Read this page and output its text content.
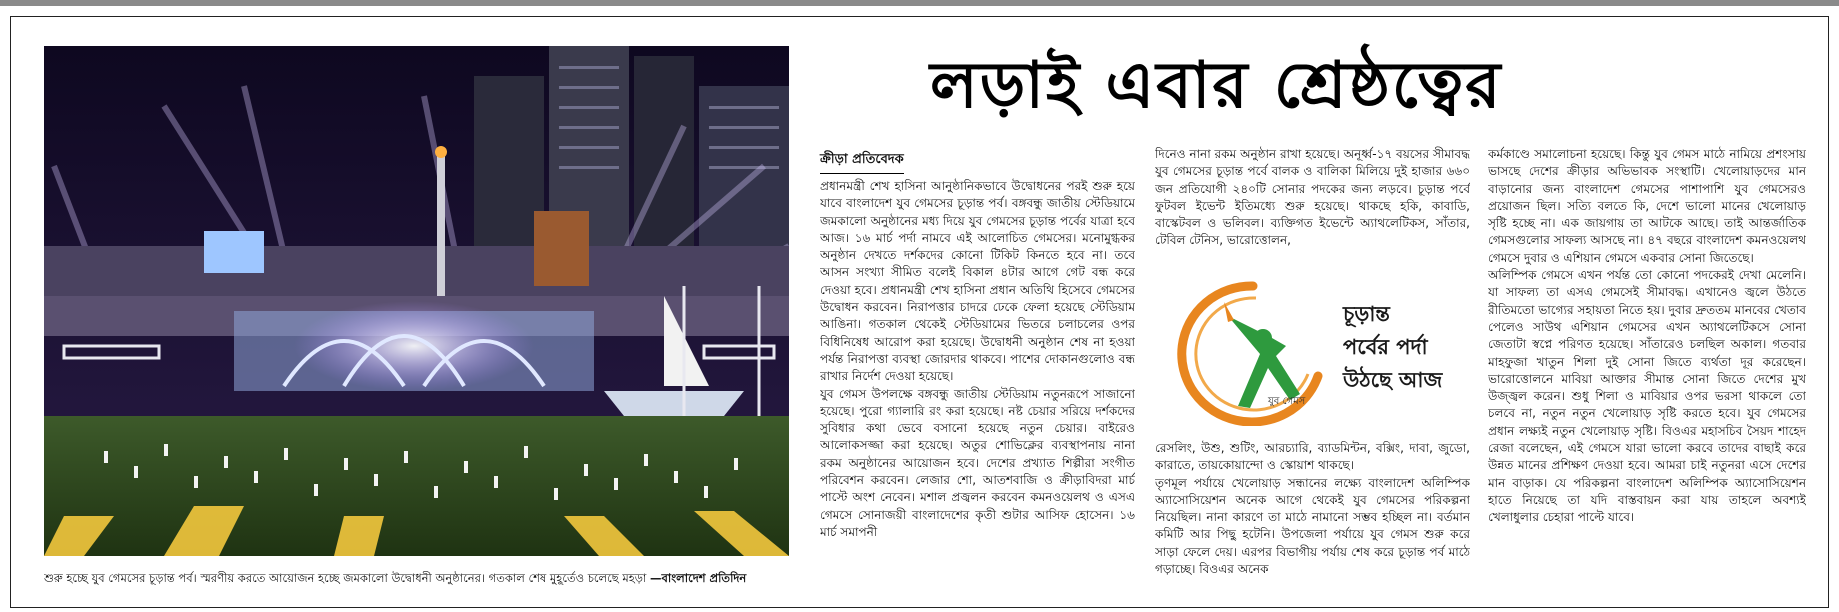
শুরু হচ্ছে যুব গেমসের চূড়ান্ত পর্ব। স্মরণীয় করতে আয়োজন হচ্ছে জমকালো উদ্বোধনী অনুষ্ঠানের। গতকাল শেষ মুহূর্তেও চলেছে মহড়া —বাংলাদেশ প্রতিদিন
লড়াই এবার শ্রেষ্ঠত্বের
ক্রীড়া প্রতিবেদক

প্রধানমন্ত্রী শেখ হাসিনা আনুষ্ঠানিকভাবে উদ্বোধনের পরই শুরু হয়ে যাবে বাংলাদেশ যুব গেমসের চূড়ান্ত পর্ব। বঙ্গবন্ধু জাতীয় স্টেডিয়ামে জমকালো অনুষ্ঠানের মধ্য দিয়ে যুব গেমসের চূড়ান্ত পর্বের যাত্রা হবে আজ। ১৬ মার্চ পর্দা নামবে এই আলোচিত গেমসের। মনোমুগ্ধকর অনুষ্ঠান দেখতে দর্শকদের কোনো টিকিট কিনতে হবে না। তবে আসন সংখ্যা সীমিত বলেই বিকাল ৪টার আগে গেট বন্ধ করে দেওয়া হবে। প্রধানমন্ত্রী শেখ হাসিনা প্রধান অতিথি হিসেবে গেমসের উদ্বোধন করবেন। নিরাপত্তার চাদরে ঢেকে ফেলা হয়েছে স্টেডিয়াম আঙিনা। গতকাল থেকেই স্টেডিয়ামের ভিতরে চলাচলের ওপর বিধিনিষেধ আরোপ করা হয়েছে। উদ্বোধনী অনুষ্ঠান শেষ না হওয়া পর্যন্ত নিরাপত্তা ব্যবস্থা জোরদার থাকবে। পাশের দোকানগুলোও বন্ধ রাখার নির্দেশ দেওয়া হয়েছে।

যুব গেমস উপলক্ষে বঙ্গবন্ধু জাতীয় স্টেডিয়াম নতুনরূপে সাজানো হয়েছে। পুরো গ্যালারি রং করা হয়েছে। নষ্ট চেয়ার সরিয়ে দর্শকদের সুবিধার কথা ভেবে বসানো হয়েছে নতুন চেয়ার। বাইরেও আলোকসজ্জা করা হয়েছে। অতুর শোভিক্লের ব্যবস্থাপনায় নানা রকম অনুষ্ঠানের আয়োজন হবে। দেশের প্রখ্যাত শিল্পীরা সংগীত পরিবেশন করবেন। লেজার শো, আতশবাজি ও ক্রীড়াবিদরা মার্চ পাস্টে অংশ নেবেন। মশাল প্রজ্বলন করবেন কমনওয়েলথ ও এসএ গেমসে সোনাজয়ী বাংলাদেশের কৃতী শুটার আসিফ হোসেন। ১৬ মার্চ সমাপনী

দিনেও নানা রকম অনুষ্ঠান রাখা হয়েছে। অনূর্ধ্ব-১৭ বয়সের সীমাবদ্ধ যুব গেমসের চূড়ান্ত পর্বে বালক ও বালিকা মিলিয়ে দুই হাজার ৬৬০ জন প্রতিযোগী ২৪০টি সোনার পদকের জন্য লড়বে। চূড়ান্ত পর্বে ফুটবল ইভেন্ট ইতিমধ্যে শুরু হয়েছে। থাকছে হকি, কাবাডি, বাস্কেটবল ও ভলিবল। ব্যক্তিগত ইভেন্টে অ্যাথলেটিকস, সাঁতার, টেবিল টেনিস, ভারোত্তোলন,

যুব গেমস
চূড়ান্ত
পর্বের পর্দা
উঠছে আজ

রেসলিং, উশু, শুটিং, আরচ্যারি, ব্যাডমিন্টন, বক্সিং, দাবা, জুডো, কারাতে, তায়কোয়ান্দো ও স্কোয়াশ থাকছে।

তৃণমূল পর্যায়ে খেলোয়াড় সন্ধানের লক্ষ্যে বাংলাদেশ অলিম্পিক অ্যাসোসিয়েশন অনেক আগে থেকেই যুব গেমসের পরিকল্পনা নিয়েছিল। নানা কারণে তা মাঠে নামানো সম্ভব হচ্ছিল না। বর্তমান কমিটি আর পিছু হটেনি। উপজেলা পর্যায়ে যুব গেমস শুরু করে সাড়া ফেলে দেয়। এরপর বিভাগীয় পর্যায় শেষ করে চূড়ান্ত পর্ব মাঠে গড়াচ্ছে। বিওএর অনেক

কর্মকাণ্ডে সমালোচনা হয়েছে। কিন্তু যুব গেমস মাঠে নামিয়ে প্রশংসায় ভাসছে দেশের ক্রীড়ার অভিভাবক সংস্থাটি। খেলোয়াড়দের মান বাড়ানোর জন্য বাংলাদেশ গেমসের পাশাপাশি যুব গেমসেরও প্রয়োজন ছিল। সত্যি বলতে কি, দেশে ভালো মানের খেলোয়াড় সৃষ্টি হচ্ছে না। এক জায়গায় তা আটকে আছে। তাই আন্তর্জাতিক গেমসগুলোর সাফল্য আসছে না। ৪৭ বছরে বাংলাদেশ কমনওয়েলথ গেমসে দুবার ও এশিয়ান গেমসে একবার সোনা জিতেছে।

অলিম্পিক গেমসে এখন পর্যন্ত তো কোনো পদকেরই দেখা মেলেনি। যা সাফল্য তা এসএ গেমসেই সীমাবদ্ধ। এখানেও জ্বলে উঠতে রীতিমতো ভাগ্যের সহায়তা নিতে হয়। দুবার দ্রুততম মানবের খেতাব পেলেও সাউথ এশিয়ান গেমসের এখন অ্যাথলেটিকসে সোনা জেতাটা স্বপ্নে পরিণত হয়েছে। সাঁতারেও চলছিল অকাল। গতবার মাহফুজা খাতুন শিলা দুই সোনা জিতে ব্যর্থতা দূর করেছেন। ভারোত্তোলনে মাবিয়া আক্তার সীমান্ত সোনা জিতে দেশের মুখ উজ্জ্বল করেন। শুধু শিলা ও মাবিয়ার ওপর ভরসা থাকলে তো চলবে না, নতুন নতুন খেলোয়াড় সৃষ্টি করতে হবে। যুব গেমসের প্রধান লক্ষ্যই নতুন খেলোয়াড় সৃষ্টি। বিওএর মহাসচিব সৈয়দ শাহেদ রেজা বলেছেন, এই গেমসে যারা ভালো করবে তাদের বাছাই করে উন্নত মানের প্রশিক্ষণ দেওয়া হবে। আমরা চাই নতুনরা এসে দেশের মান বাড়াক। যে পরিকল্পনা বাংলাদেশ অলিম্পিক অ্যাসোসিয়েশন হাতে নিয়েছে তা যদি বাস্তবায়ন করা যায় তাহলে অবশ্যই খেলাধুলার চেহারা পাল্টে যাবে।
